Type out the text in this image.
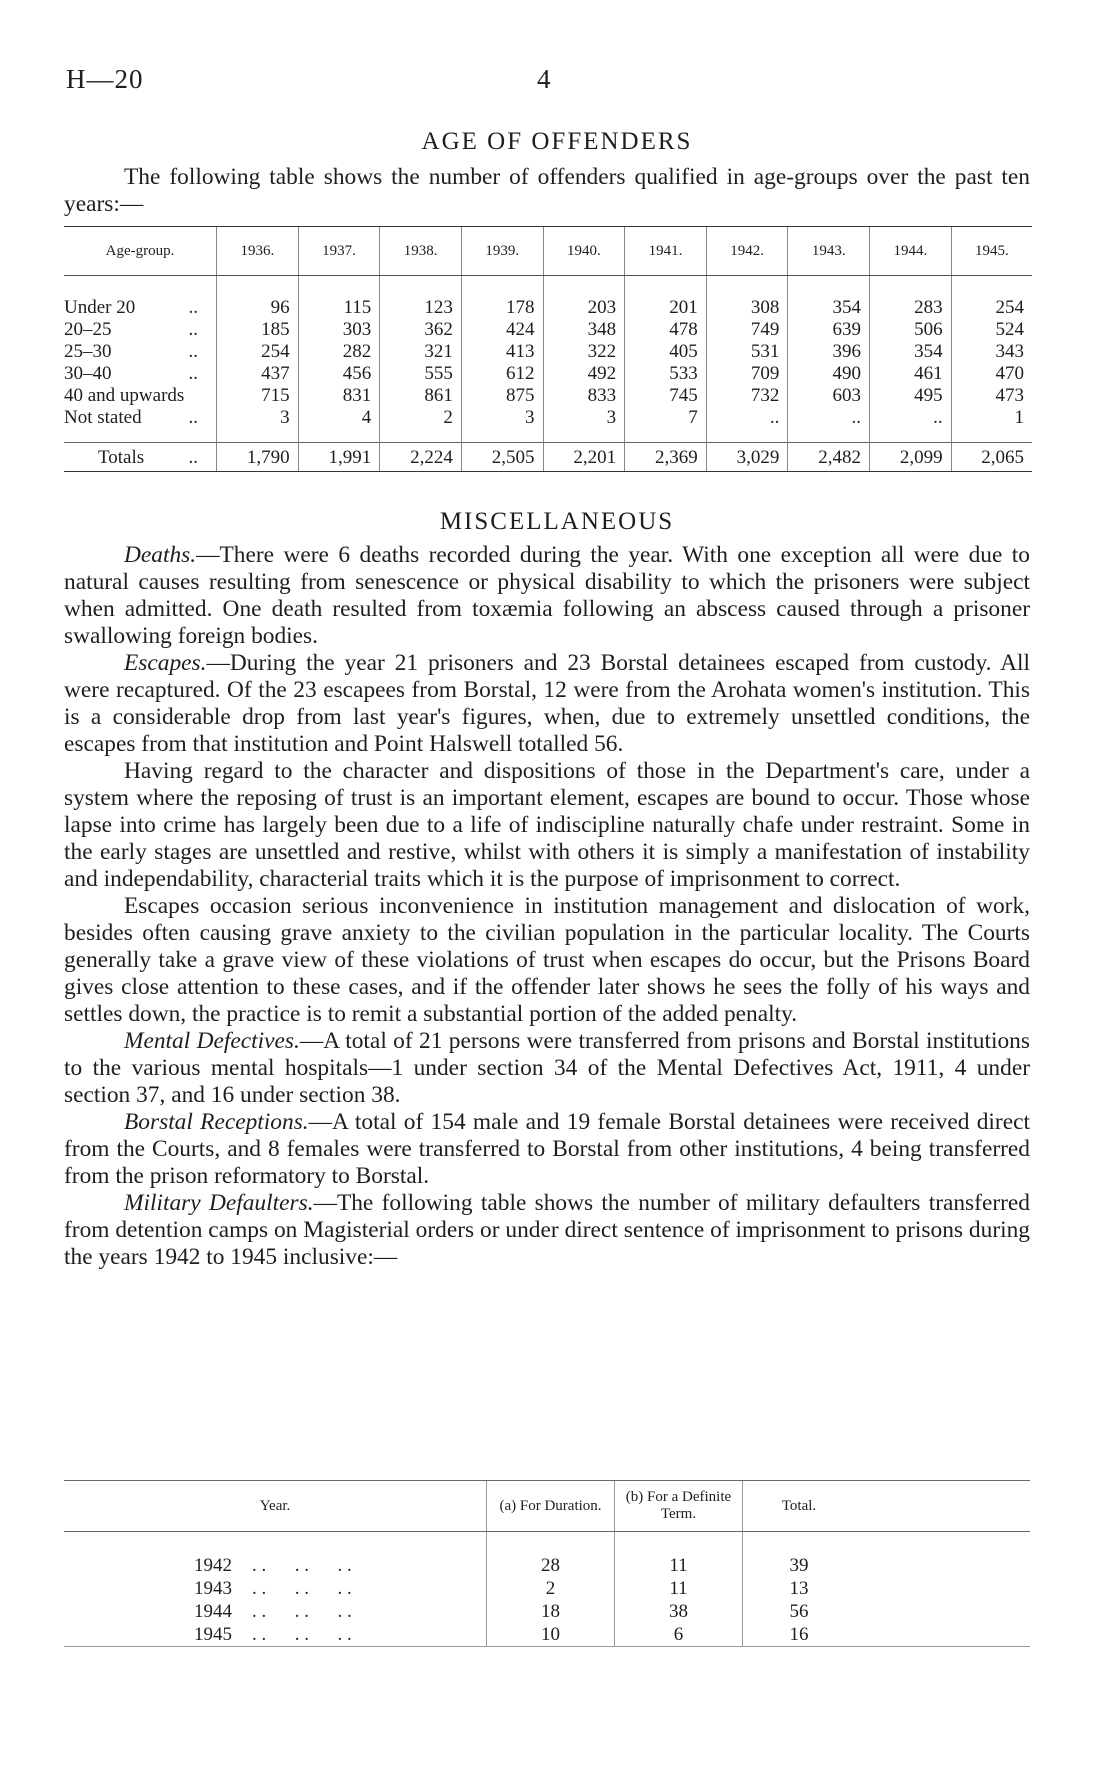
H—20	4
AGE OF OFFENDERS

The following table shows the number of offenders qualified in age-groups over the past ten years:—

Age-group.	1936.	1937.	1938.	1939.	1940.	1941.	1942.	1943.	1944.	1945.

Under 20 ..	96	115	123	178	203	201	308	354	283	254
20–25 ..	185	303	362	424	348	478	749	639	506	524
25–30 ..	254	282	321	413	322	405	531	396	354	343
30–40 ..	437	456	555	612	492	533	709	490	461	470
40 and upwards	715	831	861	875	833	745	732	603	495	473
Not stated ..	3	4	2	3	3	7	..	..	..	1

Totals ..	1,790	1,991	2,224	2,505	2,201	2,369	3,029	2,482	2,099	2,065
MISCELLANEOUS

Deaths.—There were 6 deaths recorded during the year. With one exception all were due to natural causes resulting from senescence or physical disability to which the prisoners were subject when admitted. One death resulted from toxæmia following an abscess caused through a prisoner swallowing foreign bodies.

Escapes.—During the year 21 prisoners and 23 Borstal detainees escaped from custody. All were recaptured. Of the 23 escapees from Borstal, 12 were from the Arohata women's institution. This is a considerable drop from last year's figures, when, due to extremely unsettled conditions, the escapes from that institution and Point Halswell totalled 56.

Having regard to the character and dispositions of those in the Department's care, under a system where the reposing of trust is an important element, escapes are bound to occur. Those whose lapse into crime has largely been due to a life of indiscipline naturally chafe under restraint. Some in the early stages are unsettled and restive, whilst with others it is simply a manifestation of instability and independability, characterial traits which it is the purpose of imprisonment to correct.

Escapes occasion serious inconvenience in institution management and dislocation of work, besides often causing grave anxiety to the civilian population in the particular locality. The Courts generally take a grave view of these violations of trust when escapes do occur, but the Prisons Board gives close attention to these cases, and if the offender later shows he sees the folly of his ways and settles down, the practice is to remit a substantial portion of the added penalty.

Mental Defectives.—A total of 21 persons were transferred from prisons and Borstal institutions to the various mental hospitals—1 under section 34 of the Mental Defectives Act, 1911, 4 under section 37, and 16 under section 38.

Borstal Receptions.—A total of 154 male and 19 female Borstal detainees were received direct from the Courts, and 8 females were transferred to Borstal from other institutions, 4 being transferred from the prison reformatory to Borstal.

Military Defaulters.—The following table shows the number of military defaulters transferred from detention camps on Magisterial orders or under direct sentence of imprisonment to prisons during the years 1942 to 1945 inclusive:—

Year.	(a) For Duration.	(b) For a Definite Term.	Total.	

1942 . .      . .      . .	28	11	39	
1943 . .      . .      . .	2	11	13	
1944 . .      . .      . .	18	38	56	
1945 . .      . .      . .	10	6	16	
